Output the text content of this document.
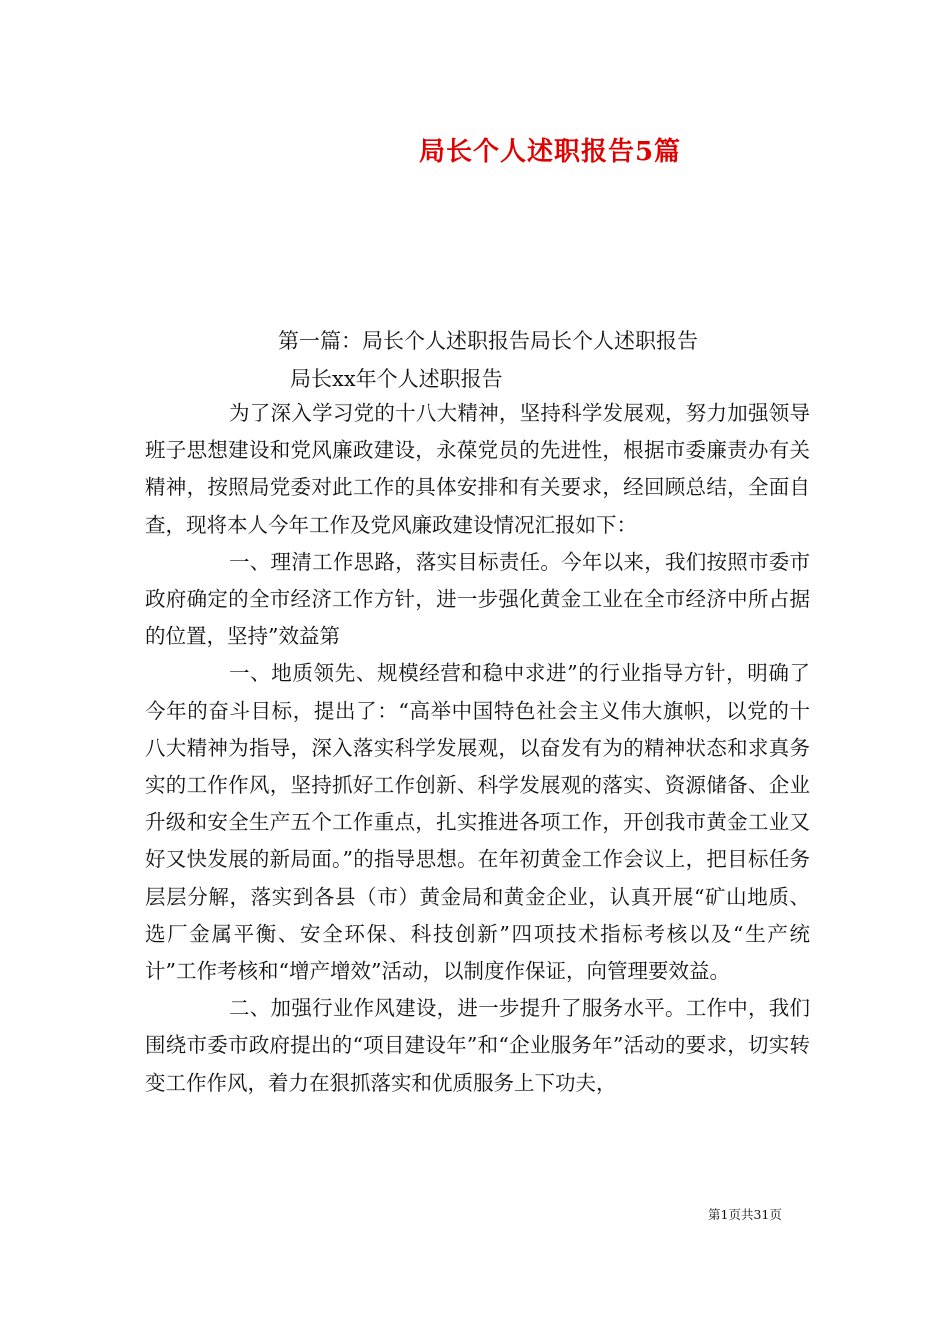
局长个人述职报告5篇
第一篇：局长个人述职报告局长个人述职报告
局长xx年个人述职报告

为了深入学习党的十八大精神，坚持科学发展观，努力加强领导班子思想建设和党风廉政建设，永葆党员的先进性，根据市委廉责办有关精神，按照局党委对此工作的具体安排和有关要求，经回顾总结，全面自查，现将本人今年工作及党风廉政建设情况汇报如下：

一、理清工作思路，落实目标责任。今年以来，我们按照市委市政府确定的全市经济工作方针，进一步强化黄金工业在全市经济中所占据的位置，坚持”效益第

一、地质领先、规模经营和稳中求进”的行业指导方针，明确了今年的奋斗目标，提出了：“高举中国特色社会主义伟大旗帜，以党的十八大精神为指导，深入落实科学发展观，以奋发有为的精神状态和求真务实的工作作风，坚持抓好工作创新、科学发展观的落实、资源储备、企业升级和安全生产五个工作重点，扎实推进各项工作，开创我市黄金工业又好又快发展的新局面。”的指导思想。在年初黄金工作会议上，把目标任务层层分解，落实到各县（市）黄金局和黄金企业，认真开展“矿山地质、选厂金属平衡、安全环保、科技创新”四项技术指标考核以及“生产统计”工作考核和“增产增效”活动，以制度作保证，向管理要效益。

二、加强行业作风建设，进一步提升了服务水平。工作中，我们围绕市委市政府提出的“项目建设年”和“企业服务年”活动的要求，切实转变工作作风，着力在狠抓落实和优质服务上下功夫，

第1页共31页
